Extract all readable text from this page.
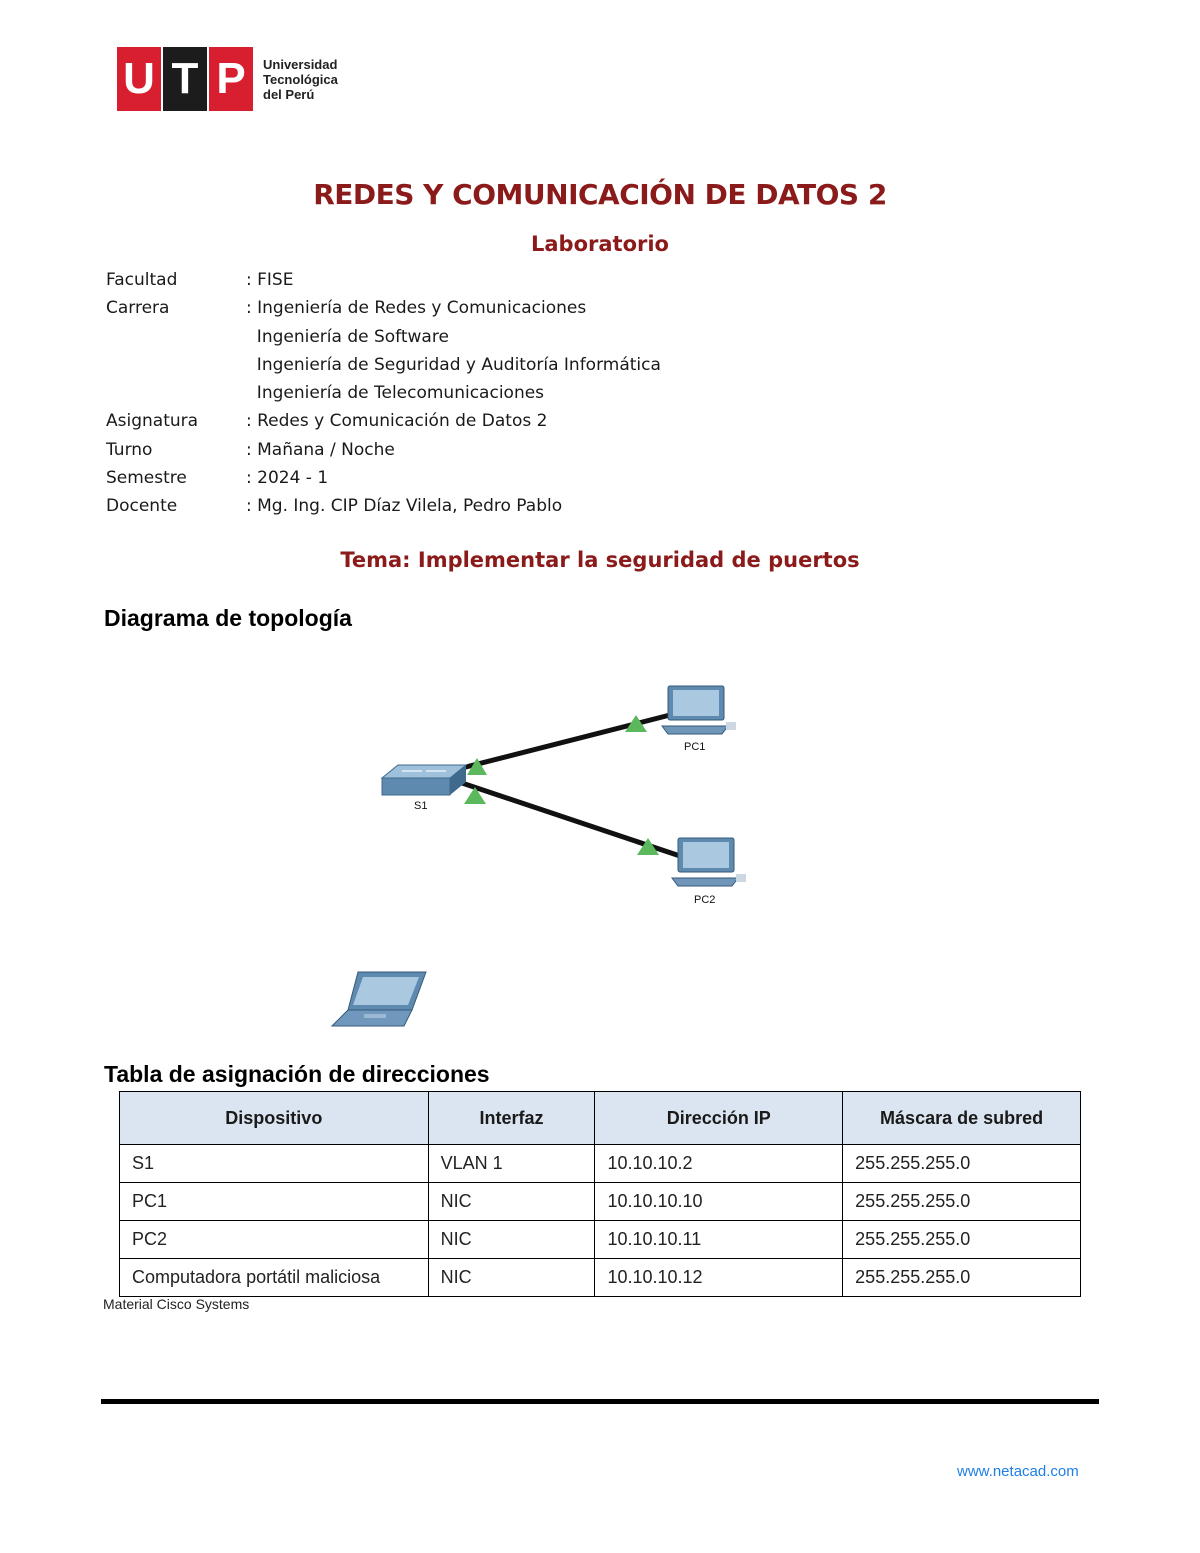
U T P	Universidad
Tecnológica
del Perú
REDES Y COMUNICACIÓN DE DATOS 2
Laboratorio
Facultad	: FISE
Carrera	: Ingeniería de Redes y Comunicaciones
Ingeniería de Software
Ingeniería de Seguridad y Auditoría Informática
Ingeniería de Telecomunicaciones
Asignatura	: Redes y Comunicación de Datos 2
Turno	: Mañana / Noche
Semestre	: 2024 - 1
Docente	: Mg. Ing. CIP Díaz Vilela, Pedro Pablo
Tema: Implementar la seguridad de puertos
Diagrama de topología
S1
PC1
PC2
Tabla de asignación de direcciones
Dispositivo	Interfaz	Dirección IP	Máscara de subred
S1	VLAN 1	10.10.10.2	255.255.255.0
PC1	NIC	10.10.10.10	255.255.255.0
PC2	NIC	10.10.10.11	255.255.255.0
Computadora portátil maliciosa	NIC	10.10.10.12	255.255.255.0
Material Cisco Systems
www.netacad.com
